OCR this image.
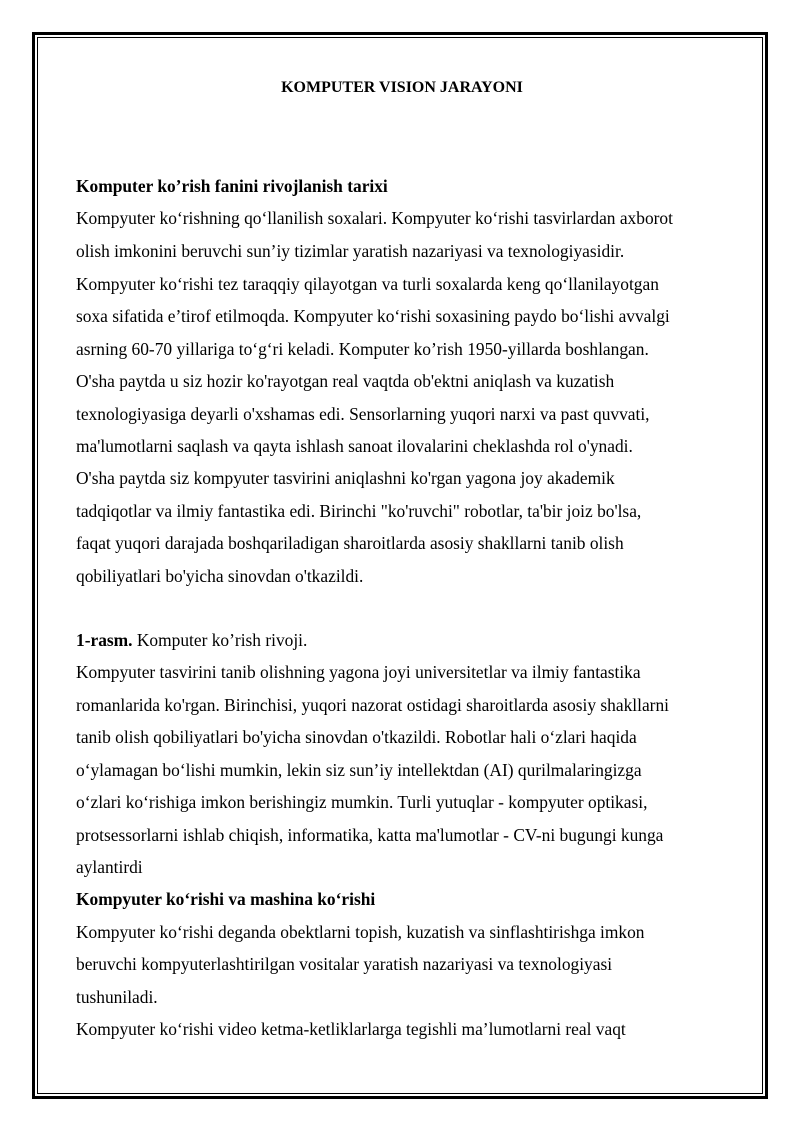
KOMPUTER VISION JARAYONI

Komputer ko’rish fanini rivojlanish tarixi

Kompyuter ko‘rishning qo‘llanilish soxalari. Kompyuter ko‘rishi tasvirlardan axborot

olish imkonini beruvchi sun’iy tizimlar yaratish nazariyasi va texnologiyasidir.

Kompyuter ko‘rishi tez taraqqiy qilayotgan va turli soxalarda keng qo‘llanilayotgan

soxa sifatida e’tirof etilmoqda. Kompyuter ko‘rishi soxasining paydo bo‘lishi avvalgi

asrning 60-70 yillariga to‘g‘ri keladi. Komputer ko’rish 1950-yillarda boshlangan.

O'sha paytda u siz hozir ko'rayotgan real vaqtda ob'ektni aniqlash va kuzatish

texnologiyasiga deyarli o'xshamas edi. Sensorlarning yuqori narxi va past quvvati,

ma'lumotlarni saqlash va qayta ishlash sanoat ilovalarini cheklashda rol o'ynadi.

O'sha paytda siz kompyuter tasvirini aniqlashni ko'rgan yagona joy akademik

tadqiqotlar va ilmiy fantastika edi. Birinchi "ko'ruvchi" robotlar, ta'bir joiz bo'lsa,

faqat yuqori darajada boshqariladigan sharoitlarda asosiy shakllarni tanib olish

qobiliyatlari bo'yicha sinovdan o'tkazildi.

1-rasm. Komputer ko’rish rivoji.

Kompyuter tasvirini tanib olishning yagona joyi universitetlar va ilmiy fantastika

romanlarida ko'rgan. Birinchisi, yuqori nazorat ostidagi sharoitlarda asosiy shakllarni

tanib olish qobiliyatlari bo'yicha sinovdan o'tkazildi. Robotlar hali o‘zlari haqida

o‘ylamagan bo‘lishi mumkin, lekin siz sun’iy intellektdan (AI) qurilmalaringizga

o‘zlari ko‘rishiga imkon berishingiz mumkin. Turli yutuqlar - kompyuter optikasi,

protsessorlarni ishlab chiqish, informatika, katta ma'lumotlar - CV-ni bugungi kunga

aylantirdi

Kompyuter ko‘rishi va mashina ko‘rishi

Kompyuter ko‘rishi deganda obektlarni topish, kuzatish va sinflashtirishga imkon

beruvchi kompyuterlashtirilgan vositalar yaratish nazariyasi va texnologiyasi

tushuniladi.

Kompyuter ko‘rishi video ketma-ketliklarlarga tegishli ma’lumotlarni real vaqt
